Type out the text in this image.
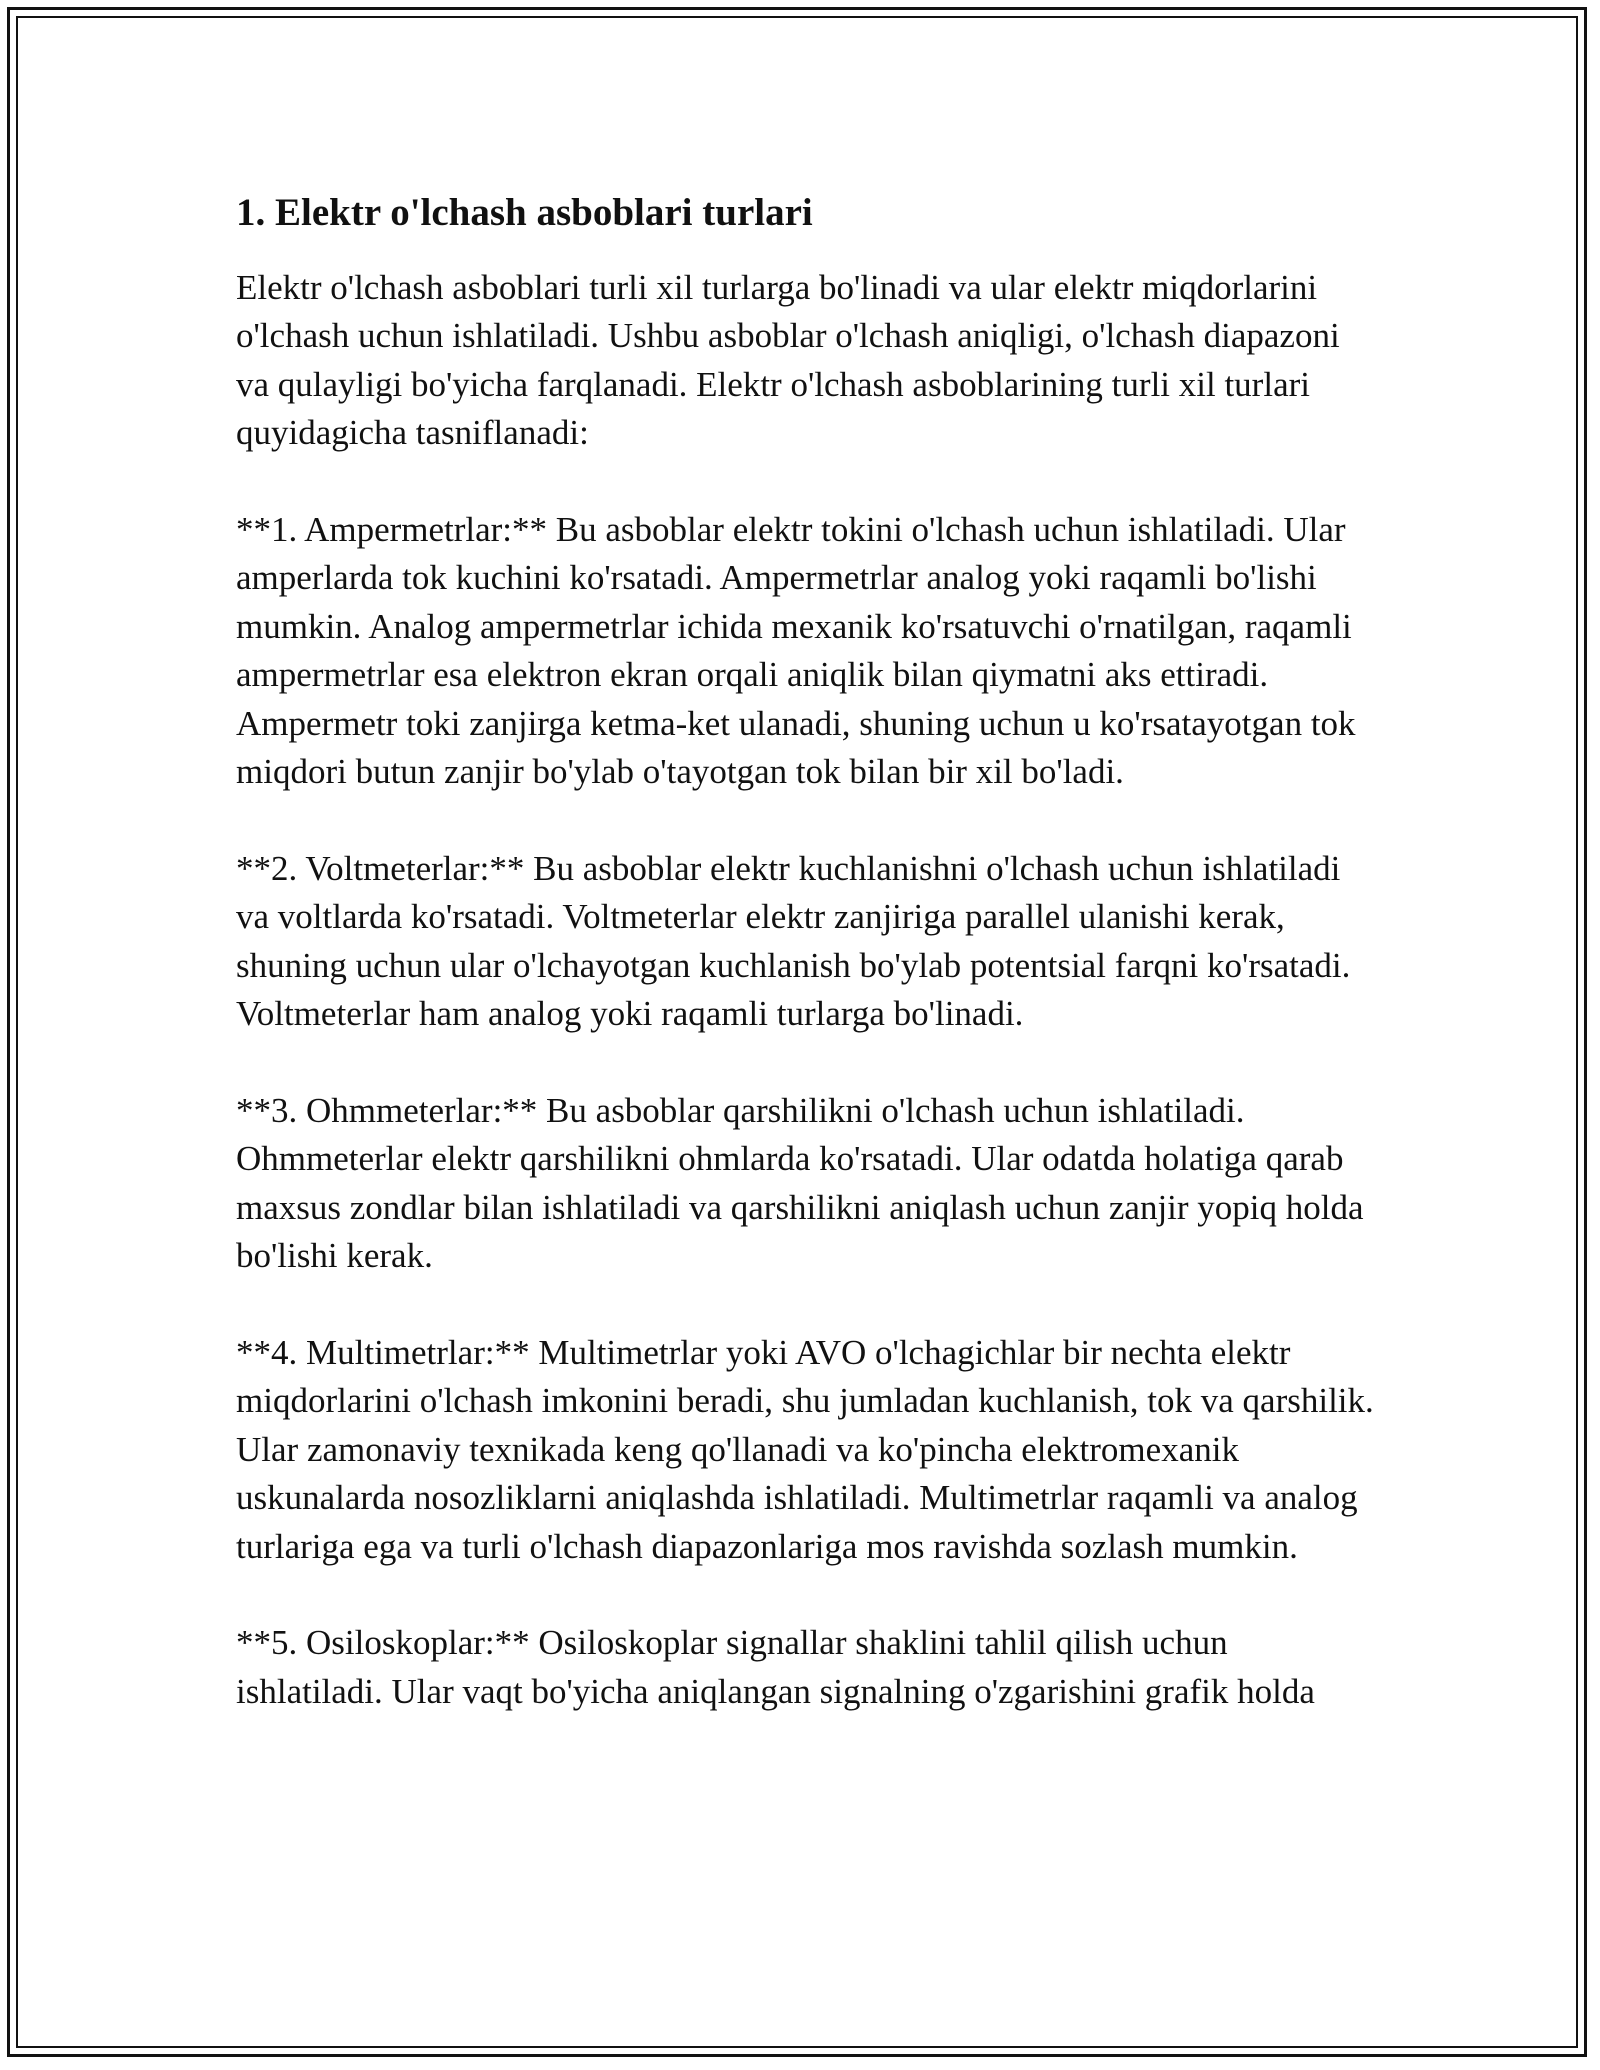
1. Elektr o'lchash asboblari turlari

Elektr o'lchash asboblari turli xil turlarga bo'linadi va ular elektr miqdorlarini o'lchash uchun ishlatiladi. Ushbu asboblar o'lchash aniqligi, o'lchash diapazoni va qulayligi bo'yicha farqlanadi. Elektr o'lchash asboblarining turli xil turlari quyidagicha tasniflanadi:

**1. Ampermetrlar:** Bu asboblar elektr tokini o'lchash uchun ishlatiladi. Ular amperlarda tok kuchini ko'rsatadi. Ampermetrlar analog yoki raqamli bo'lishi mumkin. Analog ampermetrlar ichida mexanik ko'rsatuvchi o'rnatilgan, raqamli ampermetrlar esa elektron ekran orqali aniqlik bilan qiymatni aks ettiradi. Ampermetr toki zanjirga ketma-ket ulanadi, shuning uchun u ko'rsatayotgan tok miqdori butun zanjir bo'ylab o'tayotgan tok bilan bir xil bo'ladi.

**2. Voltmeterlar:** Bu asboblar elektr kuchlanishni o'lchash uchun ishlatiladi va voltlarda ko'rsatadi. Voltmeterlar elektr zanjiriga parallel ulanishi kerak, shuning uchun ular o'lchayotgan kuchlanish bo'ylab potentsial farqni ko'rsatadi. Voltmeterlar ham analog yoki raqamli turlarga bo'linadi.

**3. Ohmmeterlar:** Bu asboblar qarshilikni o'lchash uchun ishlatiladi. Ohmmeterlar elektr qarshilikni ohmlarda ko'rsatadi. Ular odatda holatiga qarab maxsus zondlar bilan ishlatiladi va qarshilikni aniqlash uchun zanjir yopiq holda bo'lishi kerak.

**4. Multimetrlar:** Multimetrlar yoki AVO o'lchagichlar bir nechta elektr miqdorlarini o'lchash imkonini beradi, shu jumladan kuchlanish, tok va qarshilik. Ular zamonaviy texnikada keng qo'llanadi va ko'pincha elektromexanik uskunalarda nosozliklarni aniqlashda ishlatiladi. Multimetrlar raqamli va analog turlariga ega va turli o'lchash diapazonlariga mos ravishda sozlash mumkin.

**5. Osiloskoplar:** Osiloskoplar signallar shaklini tahlil qilish uchun ishlatiladi. Ular vaqt bo'yicha aniqlangan signalning o'zgarishini grafik holda
